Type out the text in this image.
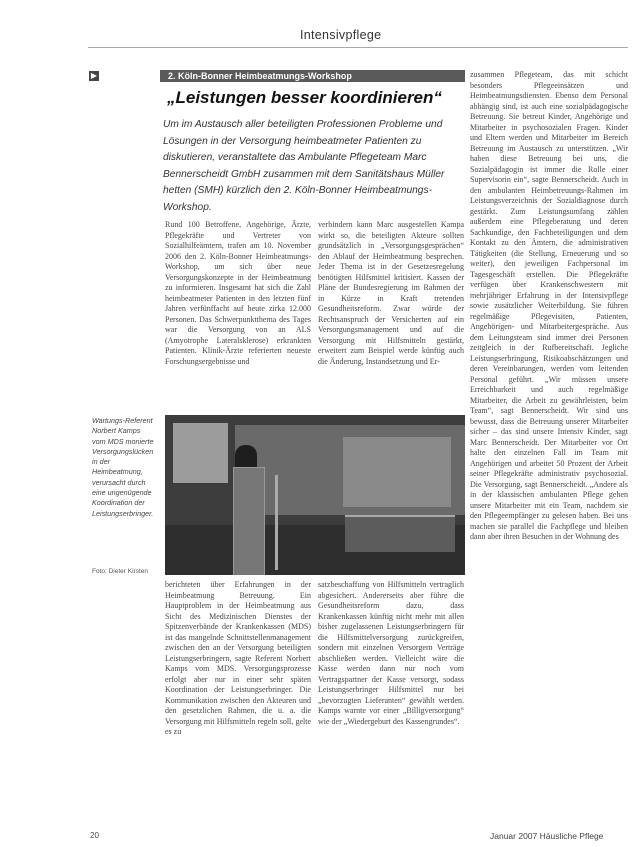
Intensivpflege
▶	2. Köln-Bonner Heimbeatmungs-Workshop
„Leistungen besser koordinieren“
Um im Austausch aller beteiligten Professionen Probleme und Lösungen in der Versorgung heimbeatmeter Patienten zu diskutieren, veranstaltete das Ambulante Pflegeteam Marc Bennerscheidt GmbH zusammen mit dem Sanitätshaus Müller hetten (SMH) kürzlich den 2. Köln-Bonner Heimbeatmungs-Workshop.

Rund 100 Betroffene, Angehörige, Ärzte, Pflegekräfte und Vertreter von Sozialhilfeämtern, trafen am 10. November 2006 den 2. Köln-Bonner Heimbeatmungs-Workshop, um sich über neue Versorgungskonzepte in der Heimbeatmung zu informieren. Insgesamt hat sich die Zahl heimbeatmeter Patienten in den letzten fünf Jahren verfünffacht auf heute zirka 12.000 Personen. Das Schwerpunktthema des Tages war die Versorgung von an ALS (Amyotrophe Lateralsklerose) erkrankten Patienten. Klinik-Ärzte referierten neueste Forschungsergebnisse und

verbindern kann Marc ausgestellen Kampa wirkt so, die beteiligten Akteure sollten grundsätzlich in „Versorgungsgesprächen“ den Ablauf der Heimbeatmung besprechen. Jeder Thema ist in der Gesetzesregelung benötigten Hilfsmittel kritisiert. Kassen der Pläne der Bundesregierung im Rahmen der in Kürze in Kraft tretenden Gesundheitsreform. Zwar würde der Rechtsanspruch der Versicherten auf ein Versorgungsmanagement und auf die Versorgung mit Hilfsmitteln gestärkt, erweitert zum Beispiel werde künftig auch die Änderung, Instandsetzung und Er-

zusammen Pflegeteam, das mit schicht besonders Pflegeeinsätzen und Heimbeatmungsdiensten. Ebenso dem Personal abhängig sind, ist auch eine sozialpädagogische Betreuung. Sie betreut Kinder, Angehörige und Mitarbeiter in psychosozialen Fragen. Kinder und Eltern werden und Mitarbeiter im Bereich Betreuung im Austausch zu unterstützen. „Wir haben diese Betreuung bei uns, die Sozialpädagogin ist immer die Rolle einer Supervisorin ein“, sagte Bennerscheidt. Auch in den ambulanten Heimbetreuungs-Rahmen im Leistungsverzeichnis der Sozialdiagnose durch gestärkt. Zum Leistungsumfang zählen außerdem eine Pflegeberatung und deren Sachkundige, den Fachbeteiligungen und dem Kontakt zu den Ämtern, die administrativen Tätigkeiten (die Stellung, Erneuerung und so weiter), den jeweiligen Fachpersonal im Tagesgeschäft erstellen. Die Pflegekräfte verfügen über Krankenschwestern mit mehrjähriger Erfahrung in der Intensivpflege sowie zusätzlicher Weiterbildung. Sie führen regelmäßige Pflegevisiten, Patienten, Angehörigen- und Mitarbeitergespräche. Aus dem Leitungsteam sind immer drei Personen zeitgleich in der Rufbereitschaft. Jegliche Leistungserbringung, Risikoabschätzungen und deren Vereinbarungen, werden vom leitenden Personal geführt. „Wir müssen unsere Erreichbarkeit und auch regelmäßige Mitarbeiter, die Arbeit zu gewährleisten, beim Team“, sagt Bennerscheidt. Wir sind uns bewusst, dass die Betreuung unserer Mitarbeiter sicher – das sind unsere Intensiv Kinder, sagt Marc Bennerscheidt. Der Mitarbeiter vor Ort halte den einzelnen Fall im Team mit Angehörigen und arbeitet 50 Prozent der Arbeit seiner Pflegekräfte administrativ psychosozial. Die Versorgung, sagt Bennerscheidt. „Andere als in der klassischen ambulanten Pflege gehen unsere Mitarbeiter mit ein Team, nachdem sie den Pflegeempfänger zu gelesen haben. Bei uns machen sie parallel die Fachpflege und bleiben dann aber ihren Besuchen in der Wohnung des

Wartungs-Referent Norbert Kamps vom MDS monierte Versorgungslücken in der Heimbeatmung, verursacht durch eine ungenügende Koordination der Leistungserbringer.
Foto: Dieter Kirsten

berichteten über Erfahrungen in der Heimbeatmung Betreuung. Ein Hauptproblem in der Heimbeatmung aus Sicht des Medizinischen Dienstes der Spitzenverbände der Krankenkassen (MDS) ist das mangelnde Schnittstellenmanagement zwischen den an der Versorgung beteiligten Leistungserbringern, sagte Referent Norbert Kamps vom MDS. Versorgungsprozesse erfolgt aber nur in einer sehr späten Koordination der Leistungserbringer. Die Kommunikation zwischen den Akteuren und den gesetzlichen Rahmen, die u. a. die Versorgung mit Hilfsmitteln regeln soll, gelte es zu

satzbeschaffung von Hilfsmitteln vertraglich abgesichert. Andererseits aber führe die Gesundheitsreform dazu, dass Krankenkassen künftig nicht mehr mit allen bisher zugelassenen Leistungserbringern für die Hilfsmittelversorgung zurückgreifen, sondern mit einzelnen Versorgern Verträge abschließen werden. Vielleicht wäre die Kasse werden dann nur noch vom Vertragspartner der Kasse versorgt, sodass Leistungserbringer Hilfsmittel nur bei „bevorzugten Lieferanten“ gewählt werden. Kamps warnte vor einer „Billigversorgung“ wie der „Wiedergeburt des Kassengrundes“.

20	Januar 2007 Häusliche Pflege
